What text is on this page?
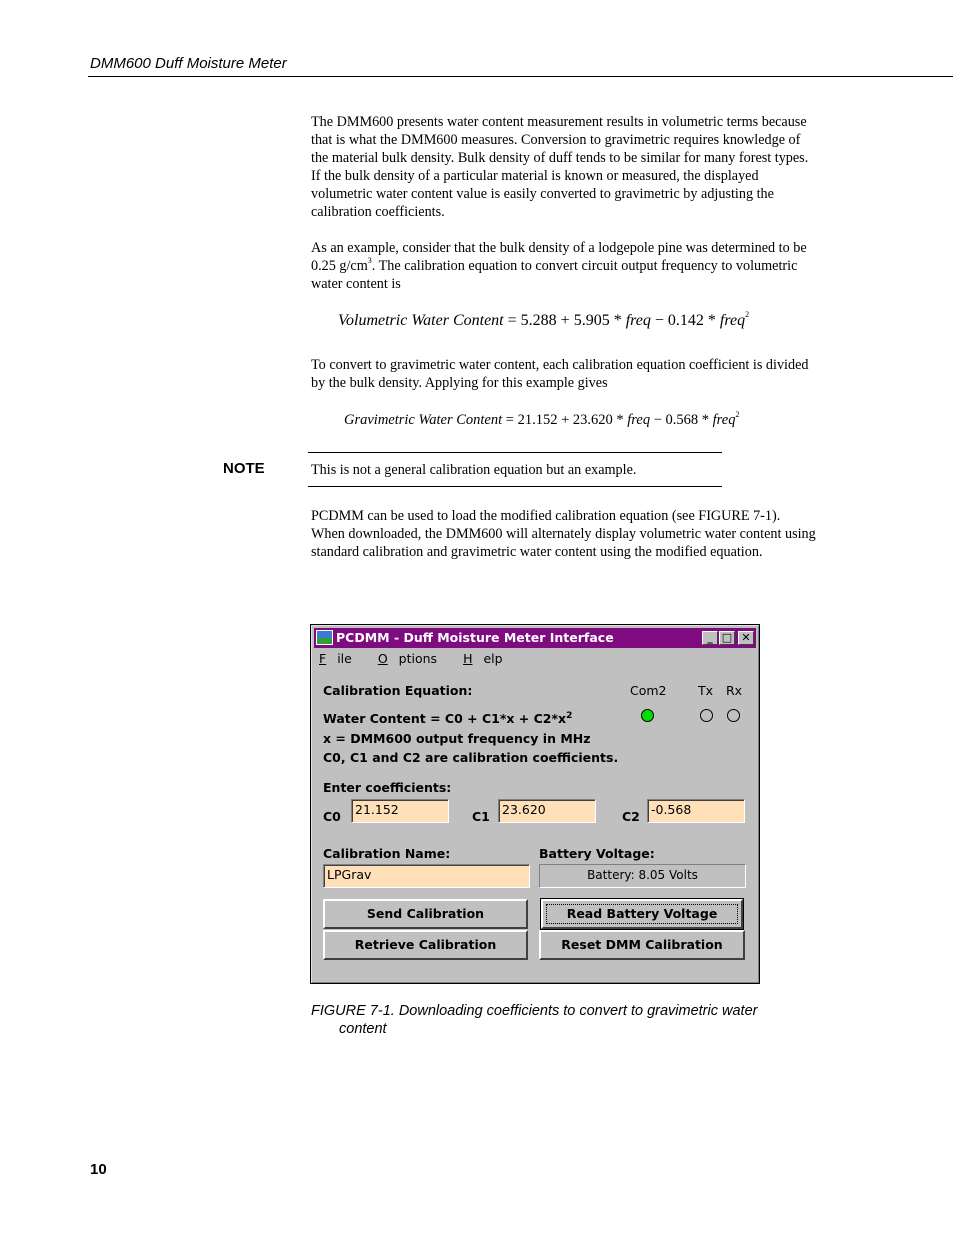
DMM600 Duff Moisture Meter

The DMM600 presents water content measurement results in volumetric terms because that is what the DMM600 measures. Conversion to gravimetric requires knowledge of the material bulk density. Bulk density of duff tends to be similar for many forest types. If the bulk density of a particular material is known or measured, the displayed volumetric water content value is easily converted to gravimetric by adjusting the calibration coefficients.

As an example, consider that the bulk density of a lodgepole pine was determined to be 0.25 $g/cm^3$. The calibration equation to convert circuit output frequency to volumetric water content is

Volumetric Water Content = 5.288 + 5.905 * freq − 0.142 * freq$^2$

To convert to gravimetric water content, each calibration equation coefficient is divided by the bulk density. Applying for this example gives

Gravimetric Water Content = 21.152 + 23.620 * freq − 0.568 * freq$^2$
NOTE	This is not a general calibration equation but an example.

PCDMM can be used to load the modified calibration equation (see FIGURE 7-1). When downloaded, the DMM600 will alternately display volumetric water content using standard calibration and gravimetric water content using the modified equation.

PCDMM - Duff Moisture Meter Interface	_ □ ✕
F ile O ptions H elp
Calibration Equation:	Com2	Tx Rx
Water Content = $C0 + C1*x + C2*x^2$
x = DMM600 output frequency in MHz
C0, C1 and C2 are calibration coefficients.
Enter coefficients:
C0	21.152	C1 23.620	C2 -0.568
Calibration Name:	Battery Voltage:
LPGrav	Battery: 8.05 Volts
Send Calibration	Read Battery Voltage
Retrieve Calibration	Reset DMM Calibration
FIGURE 7-1. Downloading coefficients to convert to gravimetric water
content
10
